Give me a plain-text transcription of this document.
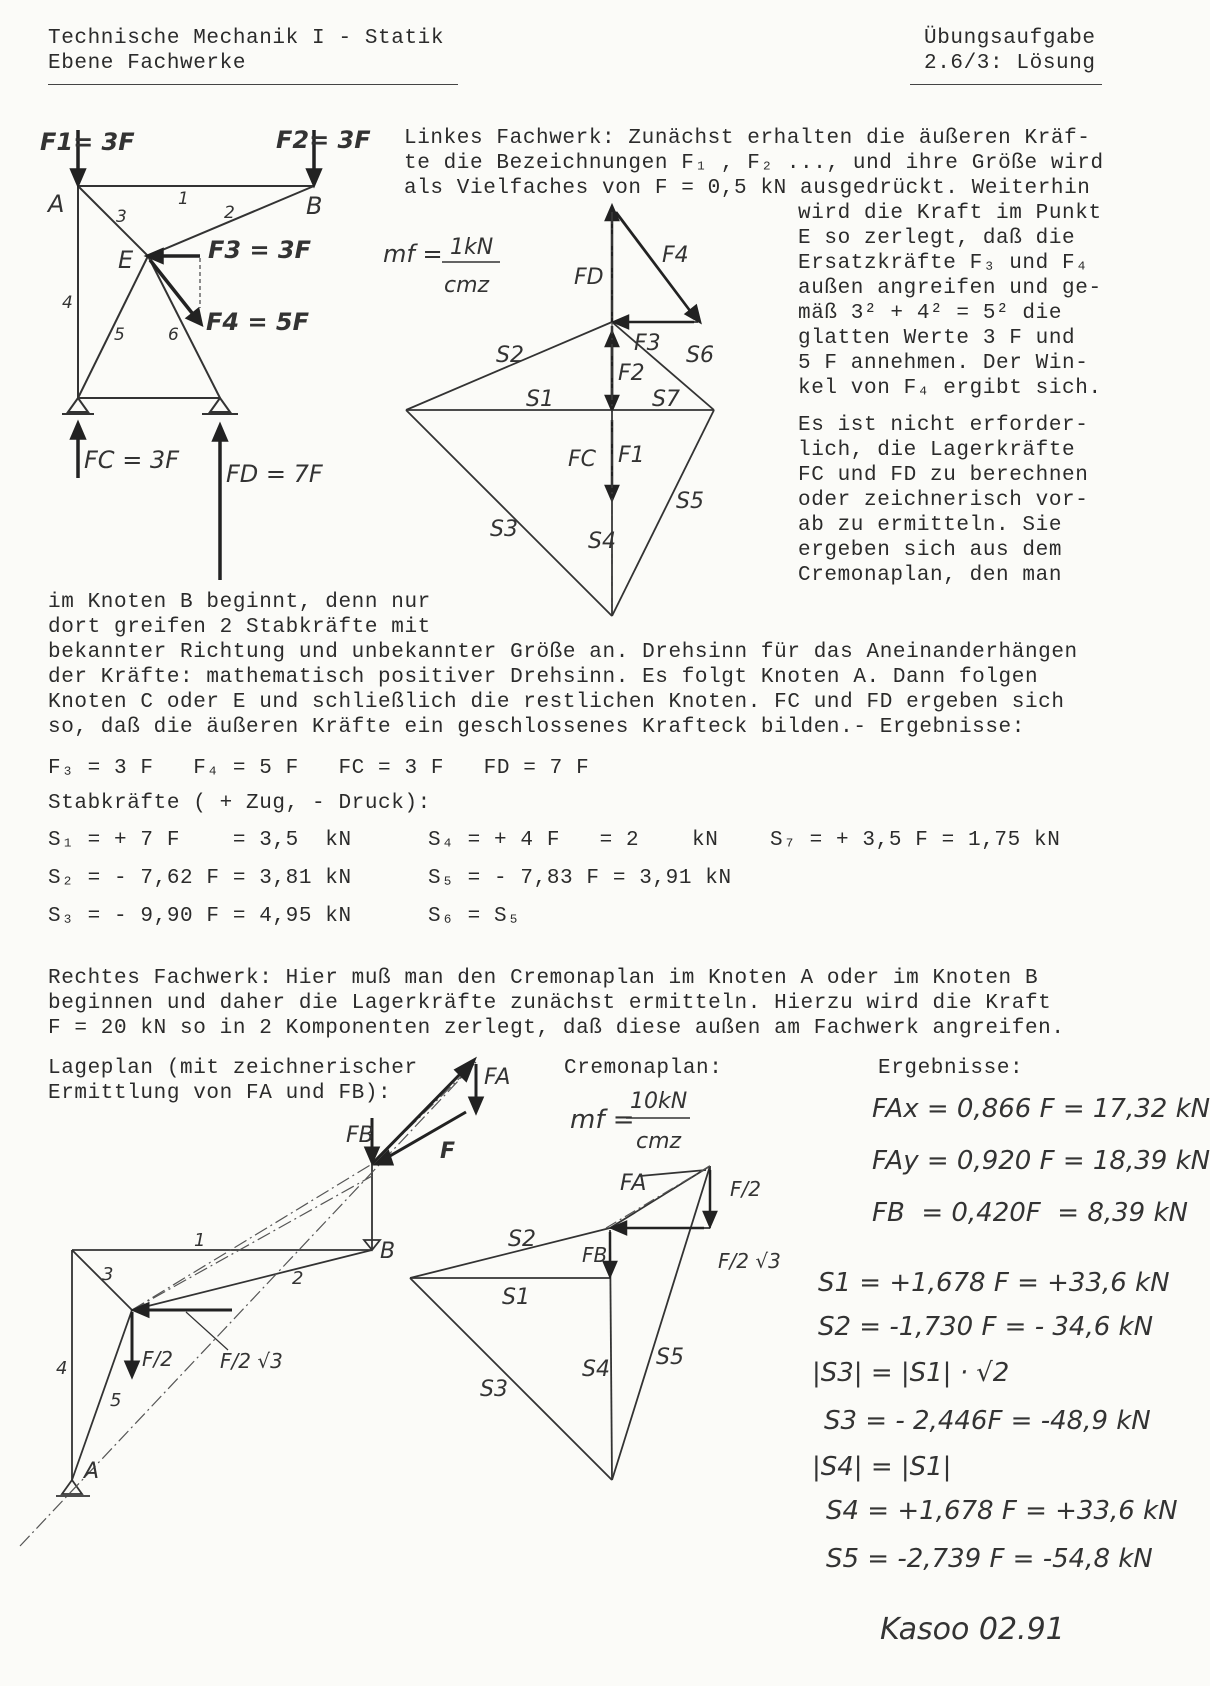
Technische Mechanik I - Statik
Ebene Fachwerke
Übungsaufgabe
2.6/3: Lösung
F1= 3F	F2= 3F
F3 = 3F
F4 = 5F
FC = 3F FD = 7F
A	B
E
1
2
3
4
5	6
mf = 1kN
cmz
F4
FD
F3 S6
S2
F2
S1	S7
FC F1
S5
S3	S4
Linkes Fachwerk: Zunächst erhalten die äußeren Kräf-
te die Bezeichnungen F₁ , F₂ ..., und ihre Größe wird
als Vielfaches von F = 0,5 kN ausgedrückt. Weiterhin
wird die Kraft im Punkt
E so zerlegt, daß die
Ersatzkräfte F₃ und F₄
außen angreifen und ge-
mäß 3² + 4² = 5² die
glatten Werte 3 F und
5 F annehmen. Der Win-
kel von F₄ ergibt sich.
Es ist nicht erforder-
lich, die Lagerkräfte
FC und FD zu berechnen
oder zeichnerisch vor-
ab zu ermitteln. Sie
ergeben sich aus dem
Cremonaplan, den man
im Knoten B beginnt, denn nur
dort greifen 2 Stabkräfte mit
bekannter Richtung und unbekannter Größe an. Drehsinn für das Aneinanderhängen
der Kräfte: mathematisch positiver Drehsinn. Es folgt Knoten A. Dann folgen
Knoten C oder E und schließlich die restlichen Knoten. FC und FD ergeben sich
so, daß die äußeren Kräfte ein geschlossenes Krafteck bilden.- Ergebnisse:
F₃ = 3 F   F₄ = 5 F   FC = 3 F   FD = 7 F
Stabkräfte ( + Zug, - Druck):
S₁ = + 7 F    = 3,5  kN	S₄ = + 4 F   = 2    kN S₇ = + 3,5 F = 1,75 kN
S₂ = - 7,62 F = 3,81 kN	S₅ = - 7,83 F = 3,91 kN
S₃ = - 9,90 F = 4,95 kN	S₆ = S₅
Rechtes Fachwerk: Hier muß man den Cremonaplan im Knoten A oder im Knoten B
beginnen und daher die Lagerkräfte zunächst ermitteln. Hierzu wird die Kraft
F = 20 kN so in 2 Komponenten zerlegt, daß diese außen am Fachwerk angreifen.
Lageplan (mit zeichnerischer
Ermittlung von FA und FB):
Cremonaplan:	Ergebnisse:
FA
FB
F
1
2
3
4
5
A
B
F/2 F/2 √3
mf =
10kN
cmz
FA	F/2
F/2 √3
S2
FB
S1
S5
S4
S3
FAx = 0,866 F = 17,32 kN
FAy = 0,920 F = 18,39 kN
FB  = 0,420F  = 8,39 kN
S1 = +1,678 F = +33,6 kN
S2 = -1,730 F = - 34,6 kN
|S3| = |S1| · √2
S3 = - 2,446F = -48,9 kN
|S4| = |S1|
S4 = +1,678 F = +33,6 kN
S5 = -2,739 F = -54,8 kN
Kasoo 02.91
